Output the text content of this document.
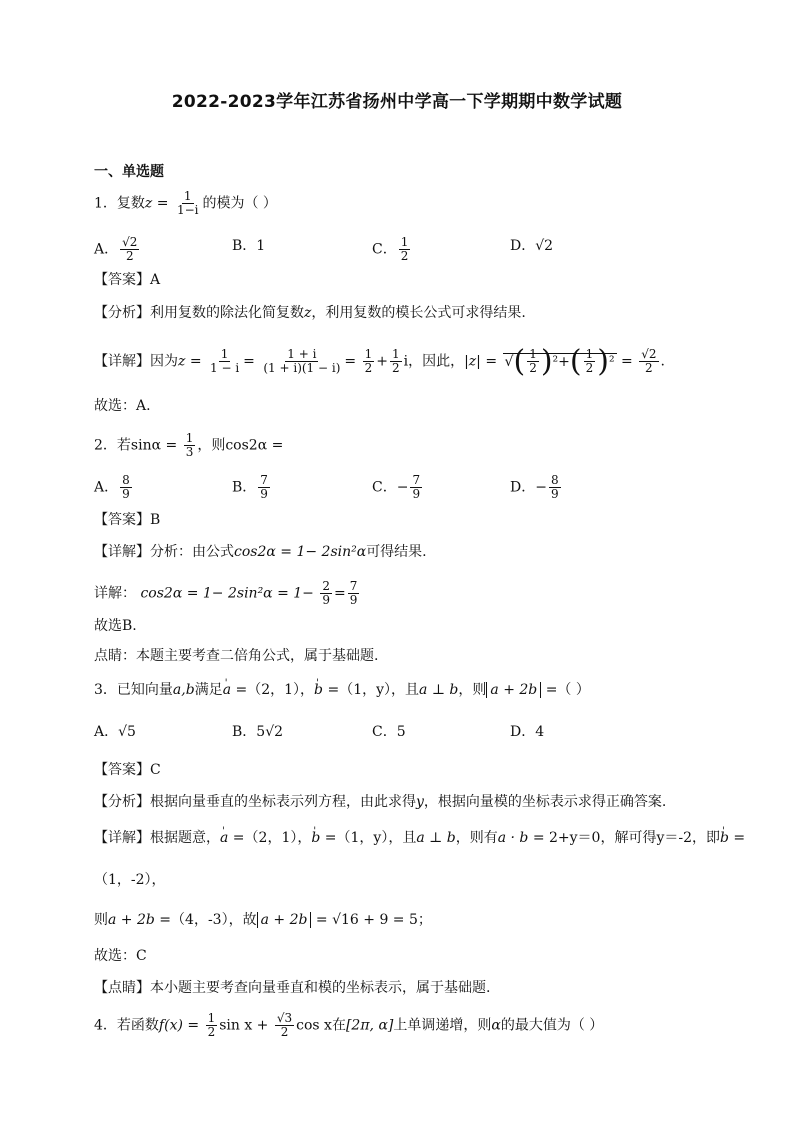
2022-2023学年江苏省扬州中学高一下学期期中数学试题
一、单选题
1．复数$z = \frac{1}{1-i}$ 的模为（ ）
A． $\frac{√2}{2}$	B．1	C． $\frac{1}{2}$	D．√2
【答案】A
【分析】利用复数的除法化简复数z，利用复数的模长公式可求得结果.
【详解】因为$z = \frac{1}{1 - i} = \frac{1 + i}{(1 + i)(1 - i)} = \frac{1}{2} + \frac{1}{2}$ i，因此，|z| = √ ( $\frac{1}{2} )^2+( \frac{1}{2} )^2 = \frac{√2}{2}$ .
故选：A.
2．若$\sin\alpha = \frac{1}{3}$ ，则cos2α =
A． $\frac{8}{9}$	B． $\frac{7}{9}$	C．− $\frac{7}{9}$	D．− $\frac{8}{9}$
【答案】B
【详解】分析：由公式cos2α = 1− 2sin²α可得结果.
详解： $\cos 2\alpha = 1- 2\sin^2\alpha = 1- \frac{2}{9} = \frac{7}{9}$
故选B.
点睛：本题主要考查二倍角公式，属于基础题.
3．已知向量a,b满足' a =（2，1），' b =（1，y），且a ⊥ b，则 a + 2b =（ ）
A．√5	B．5√2	C．5	D．4
【答案】C
【分析】根据向量垂直的坐标表示列方程，由此求得y，根据向量模的坐标表示求得正确答案.
【详解】根据题意，' a =（2，1），' b =（1，y），且a ⊥ b，则有a · b = 2+y＝0，解可得y＝-2，即' b =
（1，-2），
则a + 2b =（4，-3），故 a + 2b = √16 + 9 = 5；
故选：C
【点睛】本小题主要考查向量垂直和模的坐标表示，属于基础题.
4．若函数$f(x) = \frac{1}{2}$ $\sin x + \frac{√3}{2}$ cos x在[2π, α]上单调递增，则α的最大值为（ ）
